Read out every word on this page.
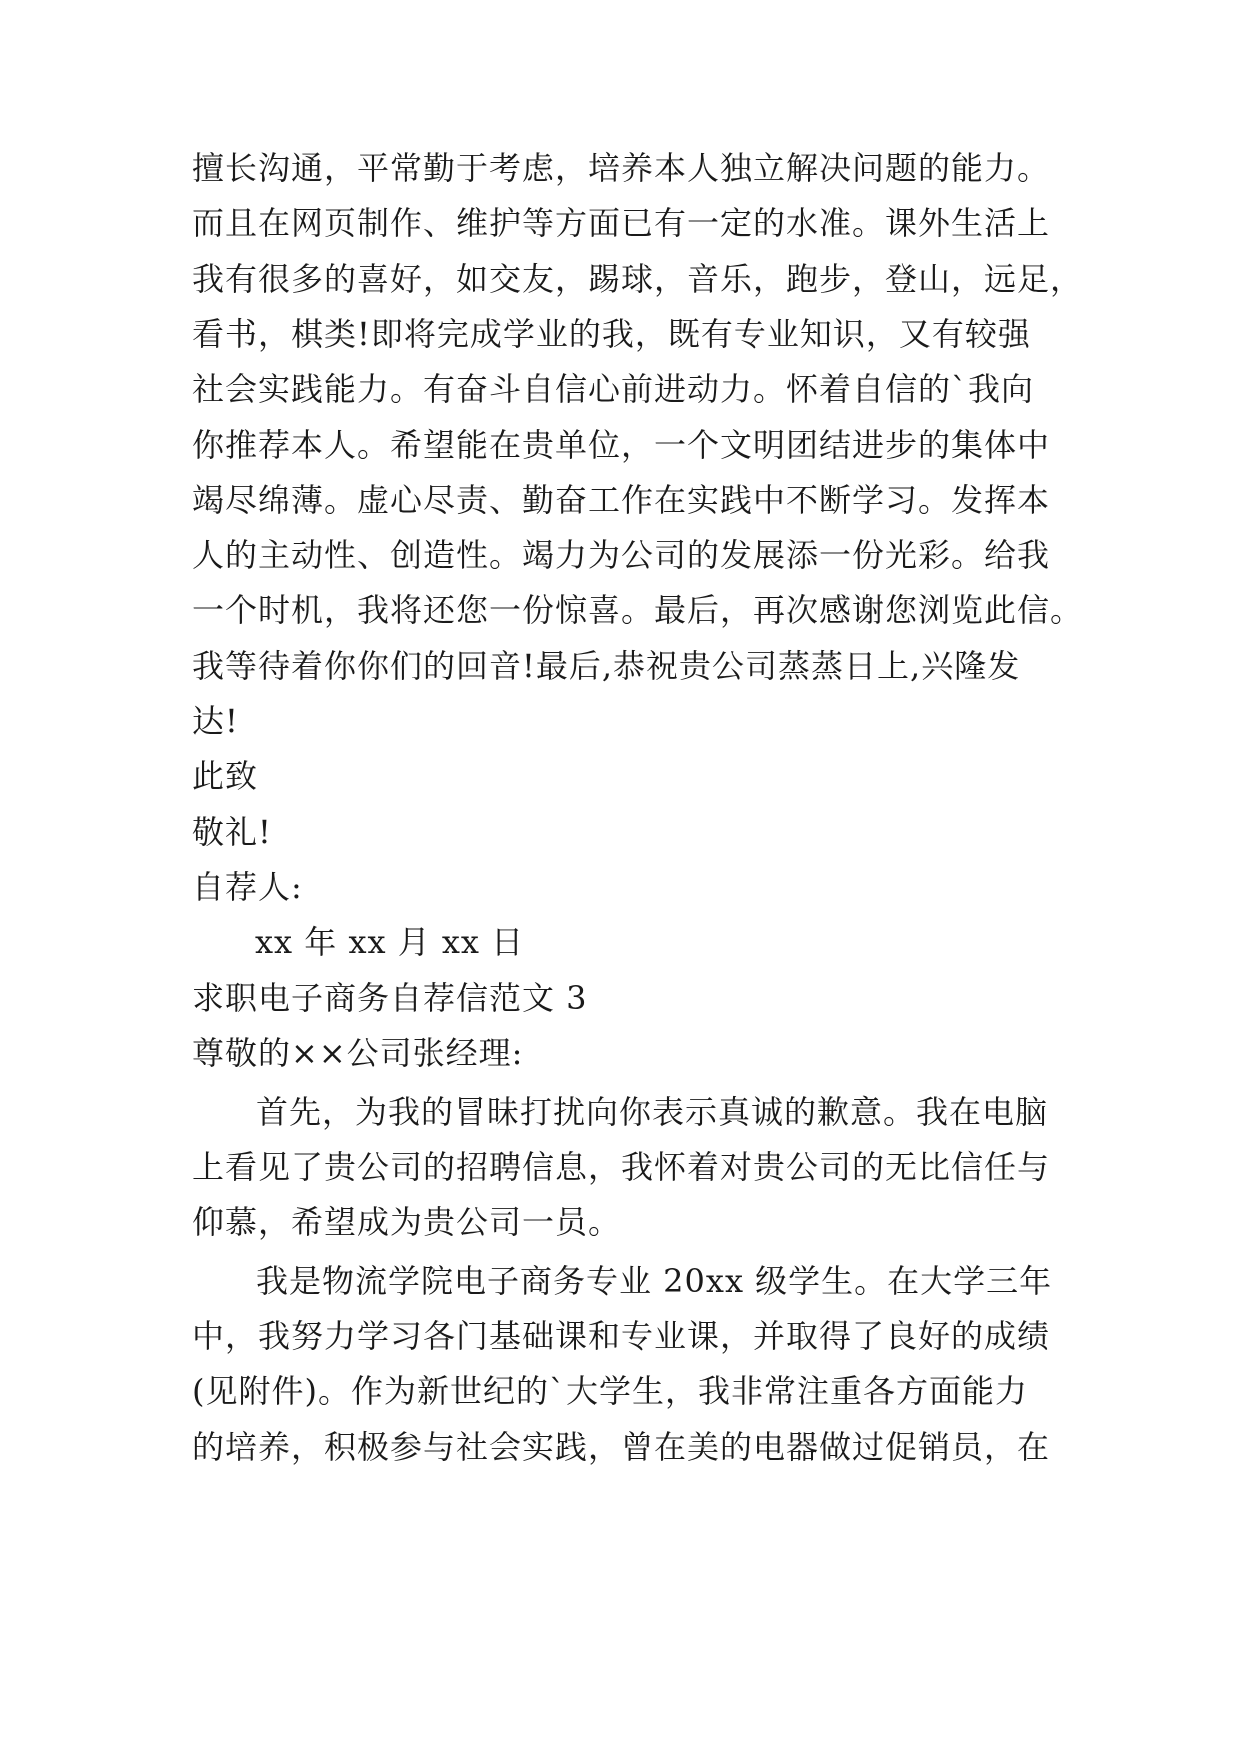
擅长沟通，平常勤于考虑，培养本人独立解决问题的能力。
而且在网页制作、维护等方面已有一定的水准。课外生活上
我有很多的喜好，如交友，踢球，音乐，跑步，登山，远足，
看书，棋类!即将完成学业的我，既有专业知识，又有较强
社会实践能力。有奋斗自信心前进动力。怀着自信的`我向
你推荐本人。希望能在贵单位，一个文明团结进步的集体中
竭尽绵薄。虚心尽责、勤奋工作在实践中不断学习。发挥本
人的主动性、创造性。竭力为公司的发展添一份光彩。给我
一个时机，我将还您一份惊喜。最后，再次感谢您浏览此信。
我等待着你你们的回音!最后,恭祝贵公司蒸蒸日上,兴隆发
达!
此致
敬礼!
自荐人:
xx 年 xx 月 xx 日
求职电子商务自荐信范文 3
尊敬的××公司张经理:
首先，为我的冒昧打扰向你表示真诚的歉意。我在电脑
上看见了贵公司的招聘信息，我怀着对贵公司的无比信任与
仰慕，希望成为贵公司一员。
我是物流学院电子商务专业 20xx 级学生。在大学三年
中，我努力学习各门基础课和专业课，并取得了良好的成绩
(见附件)。作为新世纪的`大学生，我非常注重各方面能力
的培养，积极参与社会实践，曾在美的电器做过促销员，在
